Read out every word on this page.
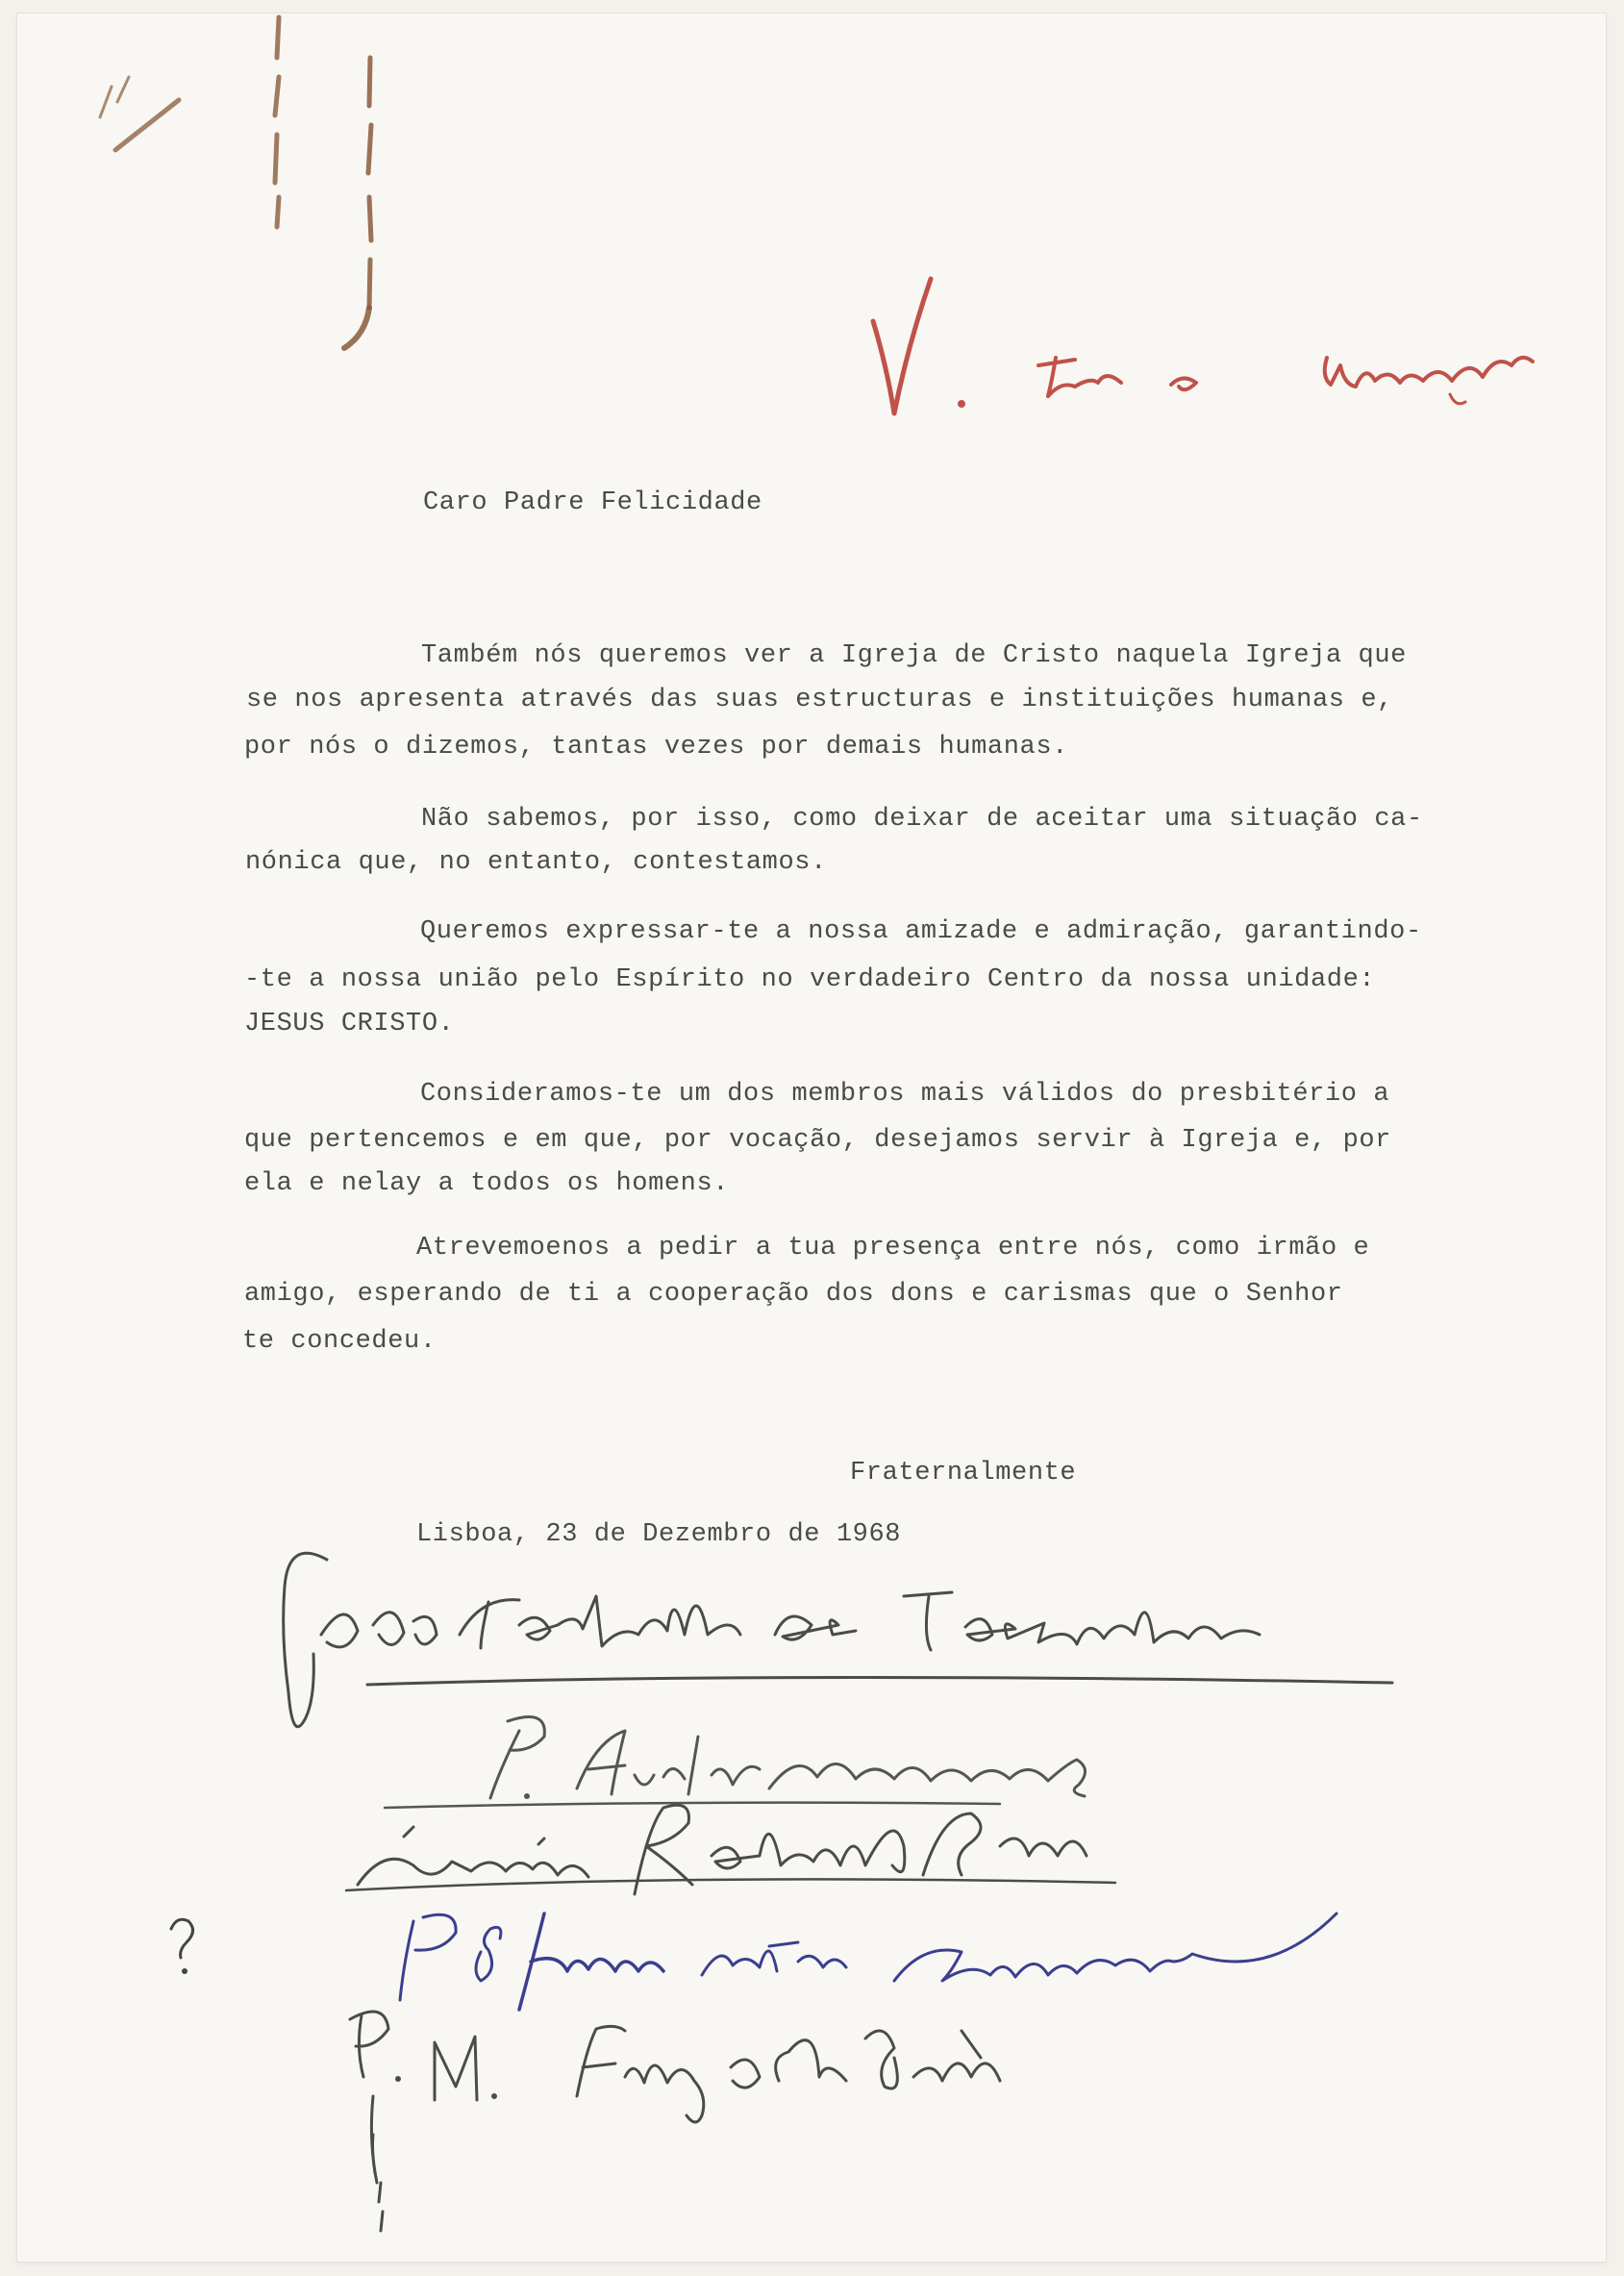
Caro Padre Felicidade
Também nós queremos ver a Igreja de Cristo naquela Igreja que
se nos apresenta através das suas estructuras e instituições humanas e,
por nós o dizemos, tantas vezes por demais humanas.
Não sabemos, por isso, como deixar de aceitar uma situação ca-
nónica que, no entanto, contestamos.
Queremos expressar-te a nossa amizade e admiração, garantindo-
-te a nossa união pelo Espírito no verdadeiro Centro da nossa unidade:
JESUS CRISTO.
Consideramos-te um dos membros mais válidos do presbitério a
que pertencemos e em que, por vocação, desejamos servir à Igreja e, por
ela e nelay a todos os homens.
Atrevemoenos a pedir a tua presença entre nós, como irmão e
amigo, esperando de ti a cooperação dos dons e carismas que o Senhor
te concedeu.
Fraternalmente
Lisboa, 23 de Dezembro de 1968
